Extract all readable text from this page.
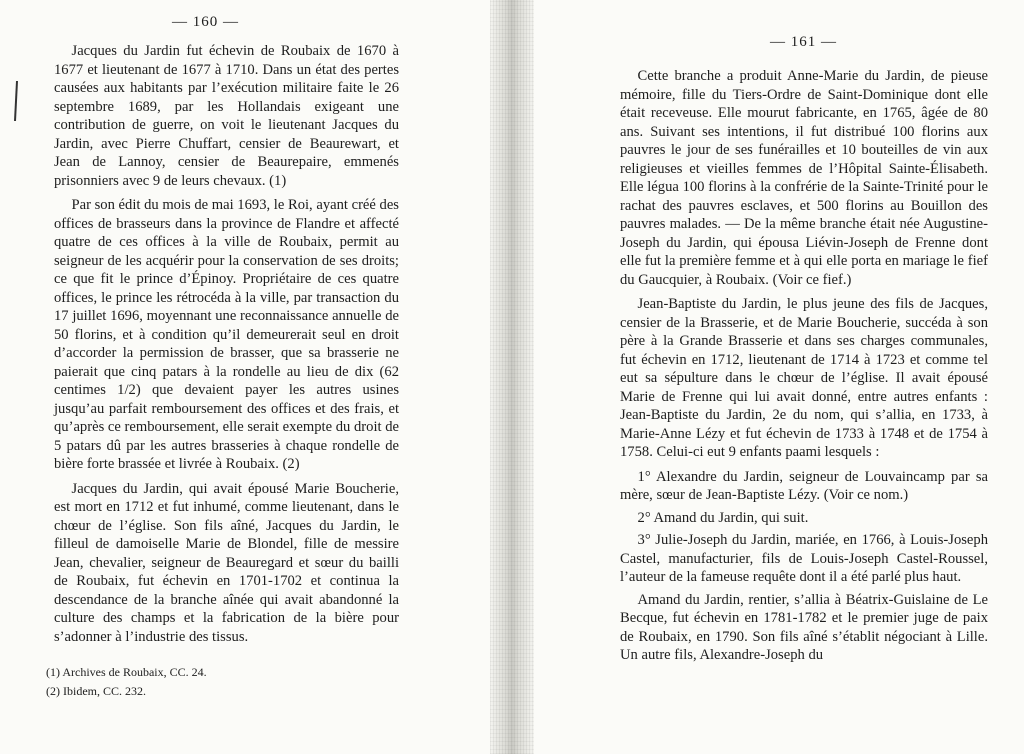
— 160 —

Jacques du Jardin fut échevin de Roubaix de 1670 à 1677 et lieutenant de 1677 à 1710. Dans un état des pertes causées aux habitants par l’exécution militaire faite le 26 septembre 1689, par les Hollandais exigeant une contribution de guerre, on voit le lieutenant Jacques du Jardin, avec Pierre Chuffart, censier de Beaurewart, et Jean de Lannoy, censier de Beaurepaire, emmenés prisonniers avec 9 de leurs chevaux. (1)

Par son édit du mois de mai 1693, le Roi, ayant créé des offices de brasseurs dans la province de Flandre et affecté quatre de ces offices à la ville de Roubaix, permit au seigneur de les acquérir pour la conservation de ses droits; ce que fit le prince d’Épinoy. Propriétaire de ces quatre offices, le prince les rétrocéda à la ville, par transaction du 17 juillet 1696, moyennant une reconnaissance annuelle de 50 florins, et à condition qu’il demeurerait seul en droit d’accorder la permission de brasser, que sa brasserie ne paierait que cinq patars à la rondelle au lieu de dix (62 centimes 1/2) que devaient payer les autres usines jusqu’au parfait remboursement des offices et des frais, et qu’après ce remboursement, elle serait exempte du droit de 5 patars dû par les autres brasseries à chaque rondelle de bière forte brassée et livrée à Roubaix. (2)

Jacques du Jardin, qui avait épousé Marie Boucherie, est mort en 1712 et fut inhumé, comme lieutenant, dans le chœur de l’église. Son fils aîné, Jacques du Jardin, le filleul de damoiselle Marie de Blondel, fille de messire Jean, chevalier, seigneur de Beauregard et sœur du bailli de Roubaix, fut échevin en 1701-1702 et continua la descendance de la branche aînée qui avait abandonné la culture des champs et la fabrication de la bière pour s’adonner à l’industrie des tissus.

(1) Archives de Roubaix, CC. 24.
(2) Ibidem, CC. 232.
— 161 —

Cette branche a produit Anne-Marie du Jardin, de pieuse mémoire, fille du Tiers-Ordre de Saint-Dominique dont elle était receveuse. Elle mourut fabricante, en 1765, âgée de 80 ans. Suivant ses intentions, il fut distribué 100 florins aux pauvres le jour de ses funérailles et 10 bouteilles de vin aux religieuses et vieilles femmes de l’Hôpital Sainte-Élisabeth. Elle légua 100 florins à la confrérie de la Sainte-Trinité pour le rachat des pauvres esclaves, et 500 florins au Bouillon des pauvres malades. — De la même branche était née Augustine-Joseph du Jardin, qui épousa Liévin-Joseph de Frenne dont elle fut la première femme et à qui elle porta en mariage le fief du Gaucquier, à Roubaix. (Voir ce fief.)

Jean-Baptiste du Jardin, le plus jeune des fils de Jacques, censier de la Brasserie, et de Marie Boucherie, succéda à son père à la Grande Brasserie et dans ses charges communales, fut échevin en 1712, lieutenant de 1714 à 1723 et comme tel eut sa sépulture dans le chœur de l’église. Il avait épousé Marie de Frenne qui lui avait donné, entre autres enfants : Jean-Baptiste du Jardin, 2e du nom, qui s’allia, en 1733, à Marie-Anne Lézy et fut échevin de 1733 à 1748 et de 1754 à 1758. Celui-ci eut 9 enfants paami lesquels :

1° Alexandre du Jardin, seigneur de Louvaincamp par sa mère, sœur de Jean-Baptiste Lézy. (Voir ce nom.)
2° Amand du Jardin, qui suit.
3° Julie-Joseph du Jardin, mariée, en 1766, à Louis-Joseph Castel, manufacturier, fils de Louis-Joseph Castel-Roussel, l’auteur de la fameuse requête dont il a été parlé plus haut.

Amand du Jardin, rentier, s’allia à Béatrix-Guislaine de Le Becque, fut échevin en 1781-1782 et le premier juge de paix de Roubaix, en 1790. Son fils aîné s’établit négociant à Lille. Un autre fils, Alexandre-Joseph du
